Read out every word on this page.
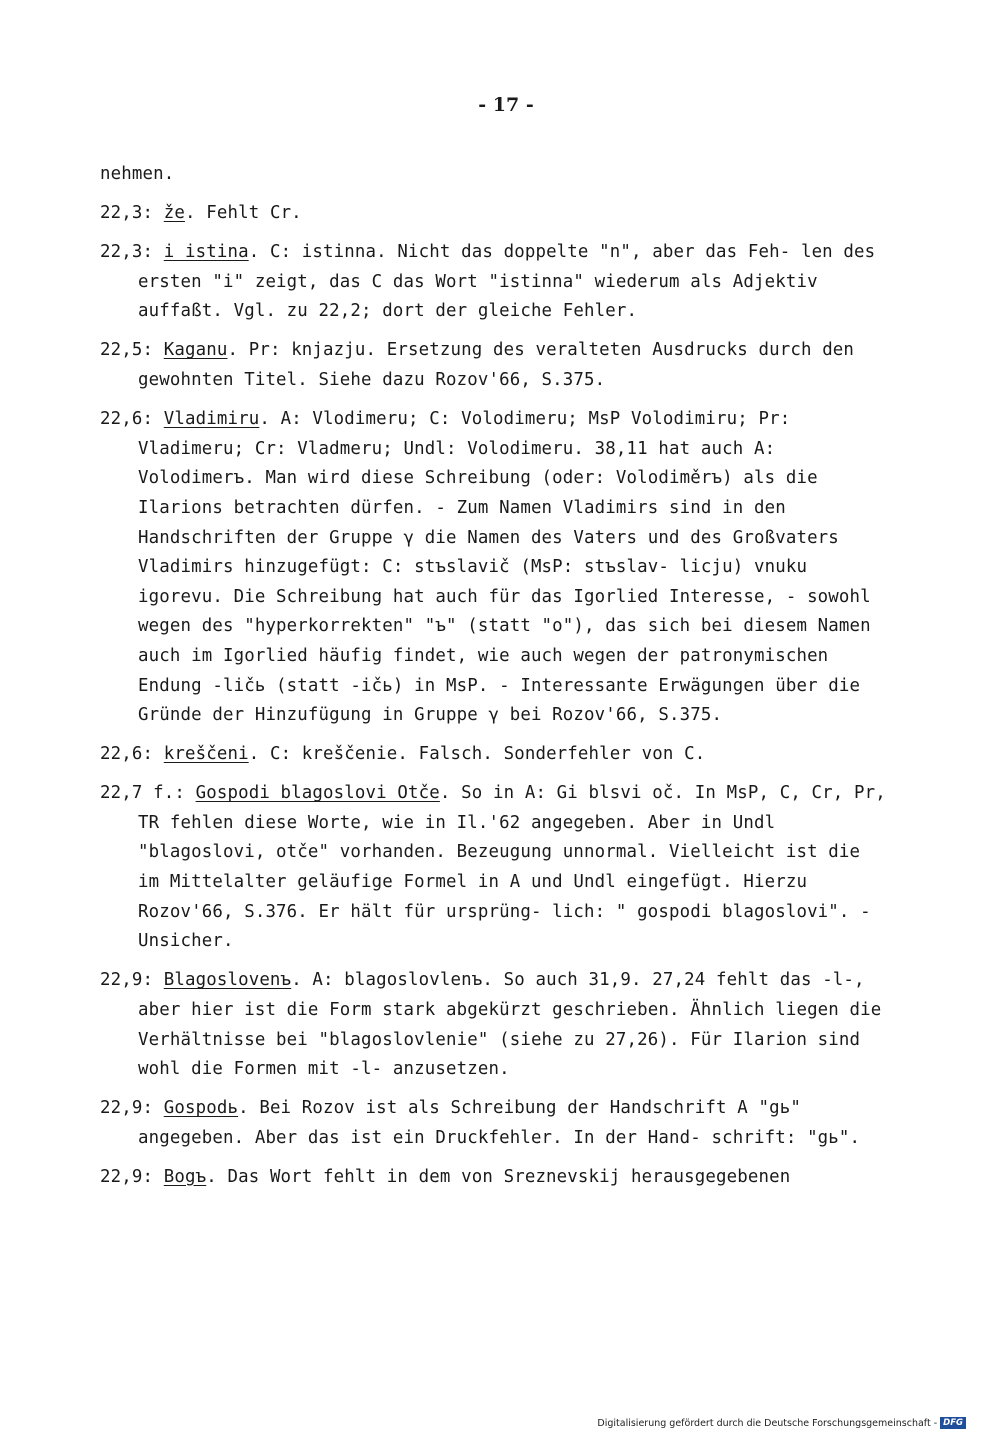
- 17 -
nehmen.
22,3: že. Fehlt Cr.
22,3: i istina. C: istinna. Nicht das doppelte "n", aber das Feh- len des ersten "i" zeigt, das C das Wort "istinna" wiederum als Adjektiv auffaßt. Vgl. zu 22,2; dort der gleiche Fehler.
22,5: Kaganu. Pr: knjazju. Ersetzung des veralteten Ausdrucks durch den gewohnten Titel. Siehe dazu Rozov'66, S.375.
22,6: Vladimiru. A: Vlodimeru; C: Volodimeru; MsP Volodimiru; Pr: Vladimeru; Cr: Vladmeru; Undl: Volodimeru. 38,11 hat auch A: Volodimerъ. Man wird diese Schreibung (oder: Volodiměrъ) als die Ilarions betrachten dürfen. - Zum Namen Vladimirs sind in den Handschriften der Gruppe γ die Namen des Vaters und des Großvaters Vladimirs hinzugefügt: C: stъslavič (MsP: stъslav- licju) vnuku igorevu. Die Schreibung hat auch für das Igorlied Interesse, - sowohl wegen des "hyperkorrekten" "ъ" (statt "o"), das sich bei diesem Namen auch im Igorlied häufig findet, wie auch wegen der patronymischen Endung -ličь (statt -ičь) in MsP. - Interessante Erwägungen über die Gründe der Hinzufügung in Gruppe γ bei Rozov'66, S.375.
22,6: kreščeni. C: kreščenie. Falsch. Sonderfehler von C.
22,7 f.: Gospodi blagoslovi Otče. So in A: Gi blsvi oč. In MsP, C, Cr, Pr, TR fehlen diese Worte, wie in Il.'62 angegeben. Aber in Undl "blagoslovi, otče" vorhanden. Bezeugung unnormal. Vielleicht ist die im Mittelalter geläufige Formel in A und Undl eingefügt. Hierzu Rozov'66, S.376. Er hält für ursprüng- lich: " gospodi blagoslovi". - Unsicher.
22,9: Blagoslovenъ. A: blagoslovlenъ. So auch 31,9. 27,24 fehlt das -l-, aber hier ist die Form stark abgekürzt geschrieben. Ähnlich liegen die Verhältnisse bei "blagoslovlenie" (siehe zu 27,26). Für Ilarion sind wohl die Formen mit -l- anzusetzen.
22,9: Gospodь. Bei Rozov ist als Schreibung der Handschrift A "gь" angegeben. Aber das ist ein Druckfehler. In der Hand- schrift: "gь".
22,9: Bogъ. Das Wort fehlt in dem von Sreznevskij herausgegebenen
Digitalisierung gefördert durch die Deutsche Forschungsgemeinschaft - DFG
